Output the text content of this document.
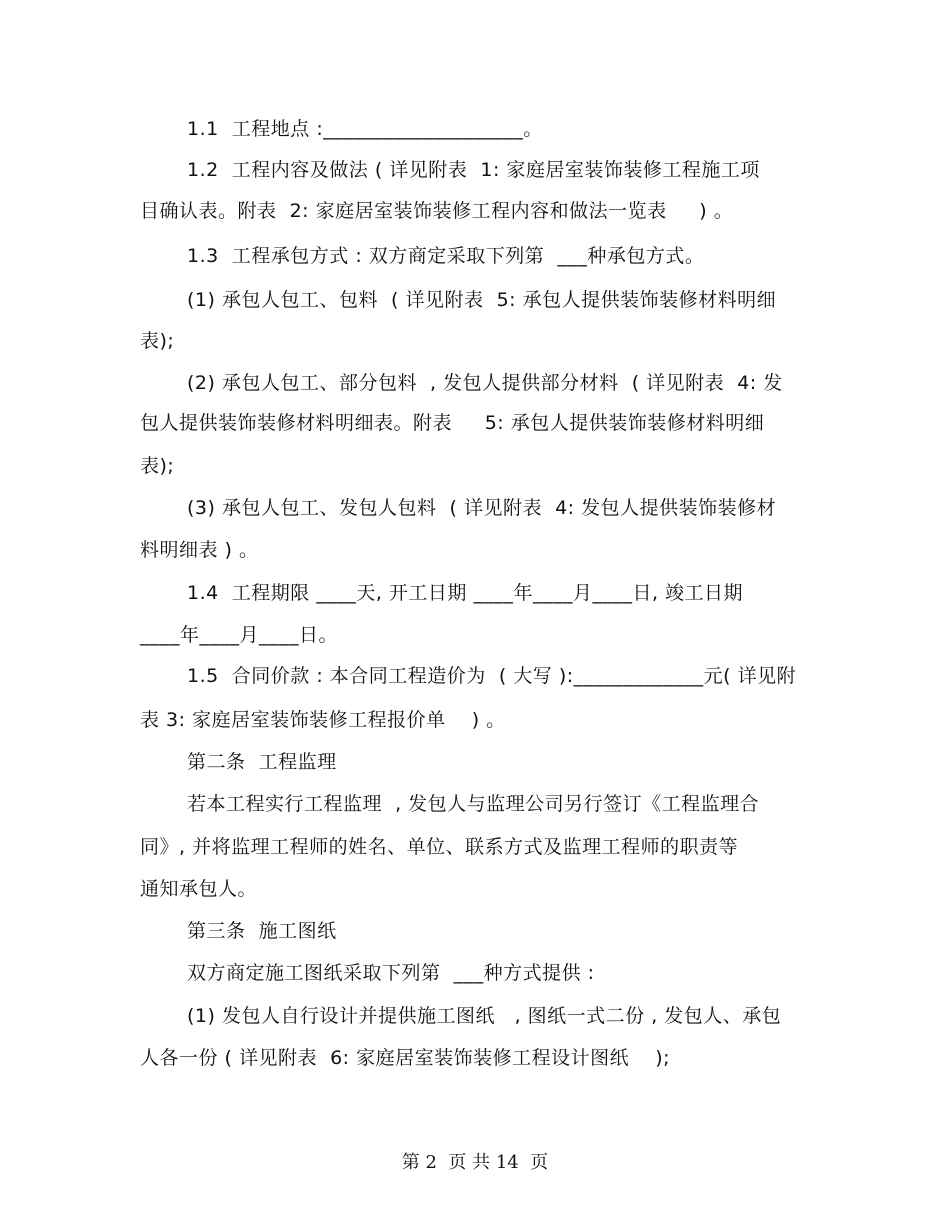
1.1  工程地点 :____________________。
1.2  工程内容及做法 ( 详见附表  1: 家庭居室装饰装修工程施工项
目确认表。附表  2: 家庭居室装饰装修工程内容和做法一览表     ) 。
1.3  工程承包方式 : 双方商定采取下列第  ___种承包方式。
(1) 承包人包工、包料  ( 详见附表  5: 承包人提供装饰装修材料明细
表);
(2) 承包人包工、部分包料  , 发包人提供部分材料  ( 详见附表  4: 发
包人提供装饰装修材料明细表。附表     5: 承包人提供装饰装修材料明细
表);
(3) 承包人包工、发包人包料  ( 详见附表  4: 发包人提供装饰装修材
料明细表 ) 。
1.4  工程期限 ____天, 开工日期 ____年____月____日, 竣工日期
____年____月____日。
1.5  合同价款 : 本合同工程造价为  ( 大写 ):_____________元( 详见附
表 3: 家庭居室装饰装修工程报价单    ) 。
第二条  工程监理
若本工程实行工程监理  , 发包人与监理公司另行签订《工程监理合
同》, 并将监理工程师的姓名、单位、联系方式及监理工程师的职责等
通知承包人。
第三条  施工图纸
双方商定施工图纸采取下列第  ___种方式提供 :
(1) 发包人自行设计并提供施工图纸   , 图纸一式二份 , 发包人、承包
人各一份 ( 详见附表  6: 家庭居室装饰装修工程设计图纸    );
第 2  页 共 14  页
